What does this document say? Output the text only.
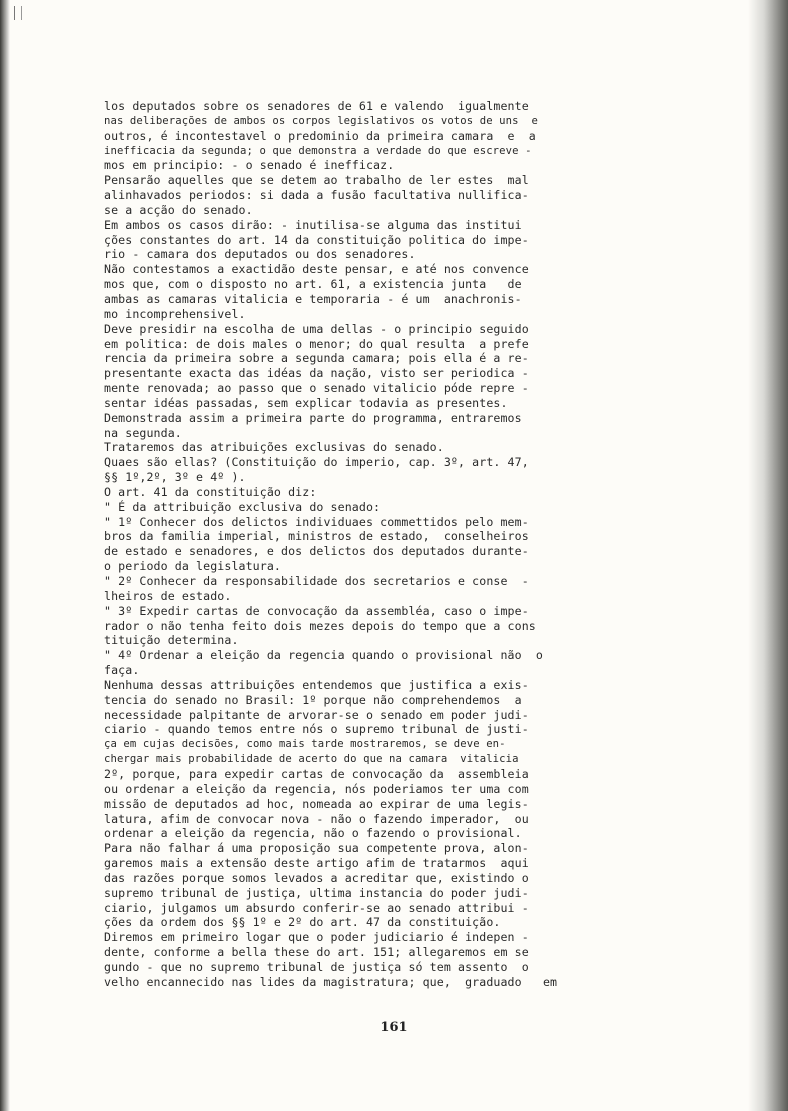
los deputados sobre os senadores de 61 e valendo  igualmente
nas deliberações de ambos os corpos legislativos os votos de uns  e
outros, é incontestavel o predominio da primeira camara  e  a
inefficacia da segunda; o que demonstra a verdade do que escreve -
mos em principio: - o senado é inefficaz.
Pensarão aquelles que se detem ao trabalho de ler estes  mal
alinhavados periodos: si dada a fusão facultativa nullifica-
se a acção do senado.
Em ambos os casos dirão: - inutilisa-se alguma das institui
ções constantes do art. 14 da constituição politica do impe-
rio - camara dos deputados ou dos senadores.
Não contestamos a exactidão deste pensar, e até nos convence
mos que, com o disposto no art. 61, a existencia junta   de
ambas as camaras vitalicia e temporaria - é um  anachronis-
mo incomprehensivel.
Deve presidir na escolha de uma dellas - o principio seguido
em politica: de dois males o menor; do qual resulta  a prefe
rencia da primeira sobre a segunda camara; pois ella é a re-
presentante exacta das idéas da nação, visto ser periodica -
mente renovada; ao passo que o senado vitalicio póde repre -
sentar idéas passadas, sem explicar todavia as presentes.
Demonstrada assim a primeira parte do programma, entraremos
na segunda.
Trataremos das atribuições exclusivas do senado.
Quaes são ellas? (Constituição do imperio, cap. 3º, art. 47,
§§ 1º,2º, 3º e 4º ).
O art. 41 da constituição diz:
" É da attribuição exclusiva do senado:
" 1º Conhecer dos delictos individuaes commettidos pelo mem-
bros da familia imperial, ministros de estado,  conselheiros
de estado e senadores, e dos delictos dos deputados durante-
o periodo da legislatura.
" 2º Conhecer da responsabilidade dos secretarios e conse  -
lheiros de estado.
" 3º Expedir cartas de convocação da assembléa, caso o impe-
rador o não tenha feito dois mezes depois do tempo que a cons
tituição determina.
" 4º Ordenar a eleição da regencia quando o provisional não  o
faça.
Nenhuma dessas attribuições entendemos que justifica a exis-
tencia do senado no Brasil: 1º porque não comprehendemos  a
necessidade palpitante de arvorar-se o senado em poder judi-
ciario - quando temos entre nós o supremo tribunal de justi-
ça em cujas decisões, como mais tarde mostraremos, se deve en-
chergar mais probabilidade de acerto do que na camara  vitalicia
2º, porque, para expedir cartas de convocação da  assembleia
ou ordenar a eleição da regencia, nós poderiamos ter uma com
missão de deputados ad hoc, nomeada ao expirar de uma legis-
latura, afim de convocar nova - não o fazendo imperador,  ou
ordenar a eleição da regencia, não o fazendo o provisional.
Para não falhar á uma proposição sua competente prova, alon-
garemos mais a extensão deste artigo afim de tratarmos  aqui
das razões porque somos levados a acreditar que, existindo o
supremo tribunal de justiça, ultima instancia do poder judi-
ciario, julgamos um absurdo conferir-se ao senado attribui -
ções da ordem dos §§ 1º e 2º do art. 47 da constituição.
Diremos em primeiro logar que o poder judiciario é indepen -
dente, conforme a bella these do art. 151; allegaremos em se
gundo - que no supremo tribunal de justiça só tem assento  o
velho encannecido nas lides da magistratura; que,  graduado   em
161
